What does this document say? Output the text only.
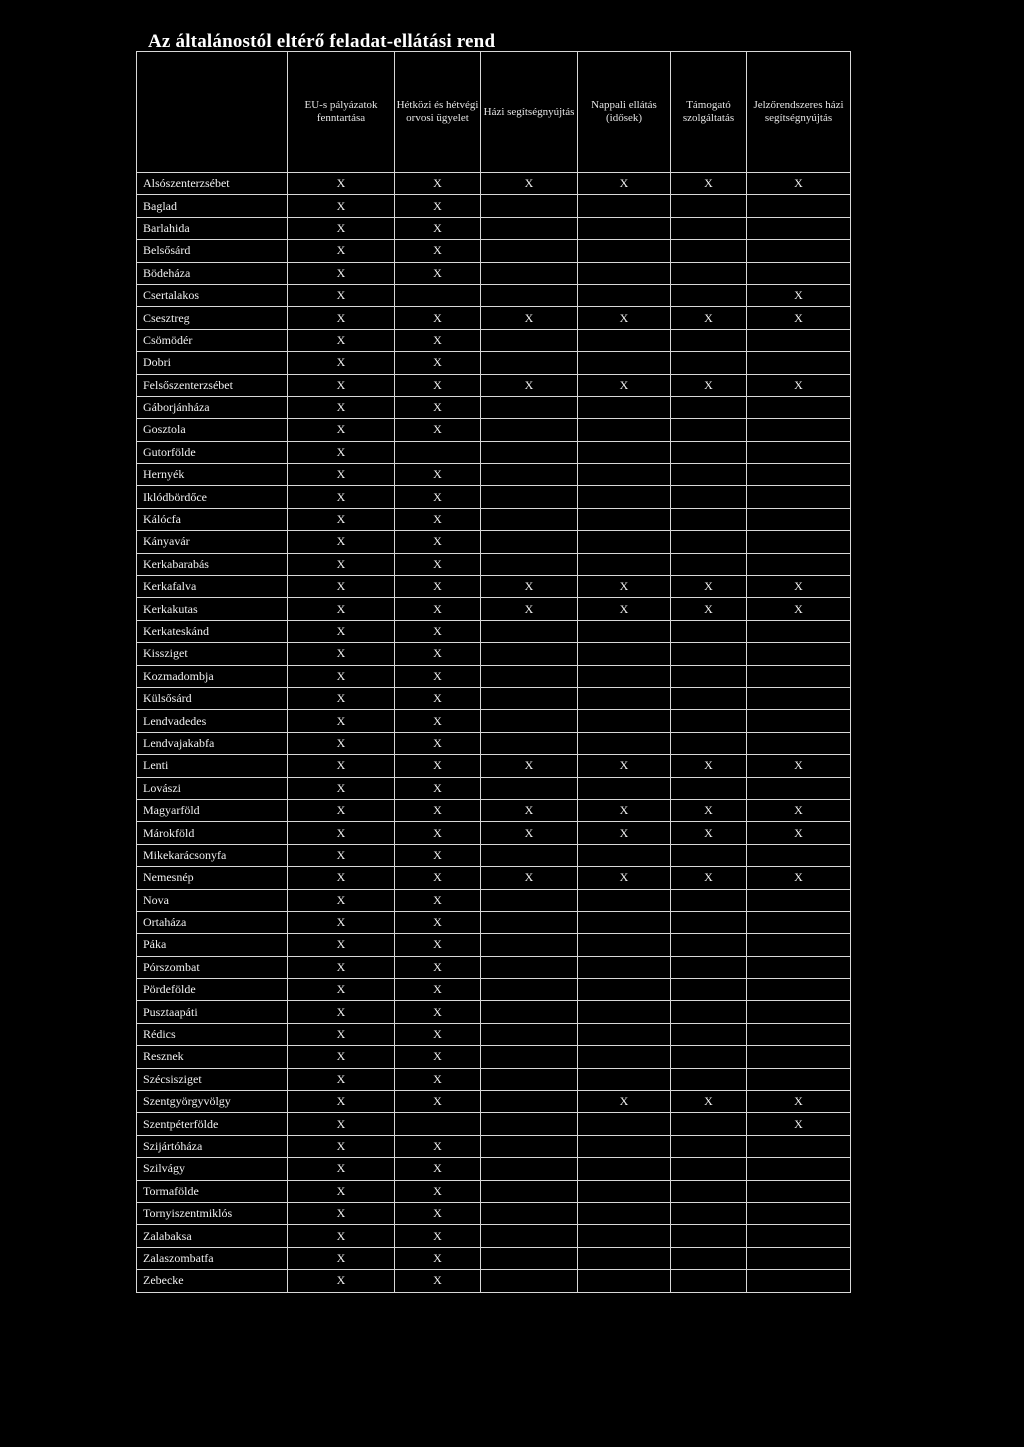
Az általánostól eltérő feladat-ellátási rend
	EU-s pályázatok fenntartása	Hétközi és hétvégi orvosi ügyelet	Házi segítségnyújtás	Nappali ellátás (idősek)	Támogató szolgáltatás	Jelzőrendszeres házi segítségnyújtás
Alsószenterzsébet	X	X	X	X	X	X
Baglad	X	X				
Barlahida	X	X				
Belsősárd	X	X				
Bödeháza	X	X				
Csertalakos	X					X
Csesztreg	X	X	X	X	X	X
Csömödér	X	X				
Dobri	X	X				
Felsőszenterzsébet	X	X	X	X	X	X
Gáborjánháza	X	X				
Gosztola	X	X				
Gutorfölde	X					
Hernyék	X	X				
Iklódbördőce	X	X				
Kálócfa	X	X				
Kányavár	X	X				
Kerkabarabás	X	X				
Kerkafalva	X	X	X	X	X	X
Kerkakutas	X	X	X	X	X	X
Kerkateskánd	X	X				
Kissziget	X	X				
Kozmadombja	X	X				
Külsősárd	X	X				
Lendvadedes	X	X				
Lendvajakabfa	X	X				
Lenti	X	X	X	X	X	X
Lovászi	X	X				
Magyarföld	X	X	X	X	X	X
Márokföld	X	X	X	X	X	X
Mikekarácsonyfa	X	X				
Nemesnép	X	X	X	X	X	X
Nova	X	X				
Ortaháza	X	X				
Páka	X	X				
Pórszombat	X	X				
Pördefölde	X	X				
Pusztaapáti	X	X				
Rédics	X	X				
Resznek	X	X				
Szécsisziget	X	X				
Szentgyörgyvölgy	X	X		X	X	X
Szentpéterfölde	X					X
Szijártóháza	X	X				
Szilvágy	X	X				
Tormafölde	X	X				
Tornyiszentmiklós	X	X				
Zalabaksa	X	X				
Zalaszombatfa	X	X				
Zebecke	X	X				
